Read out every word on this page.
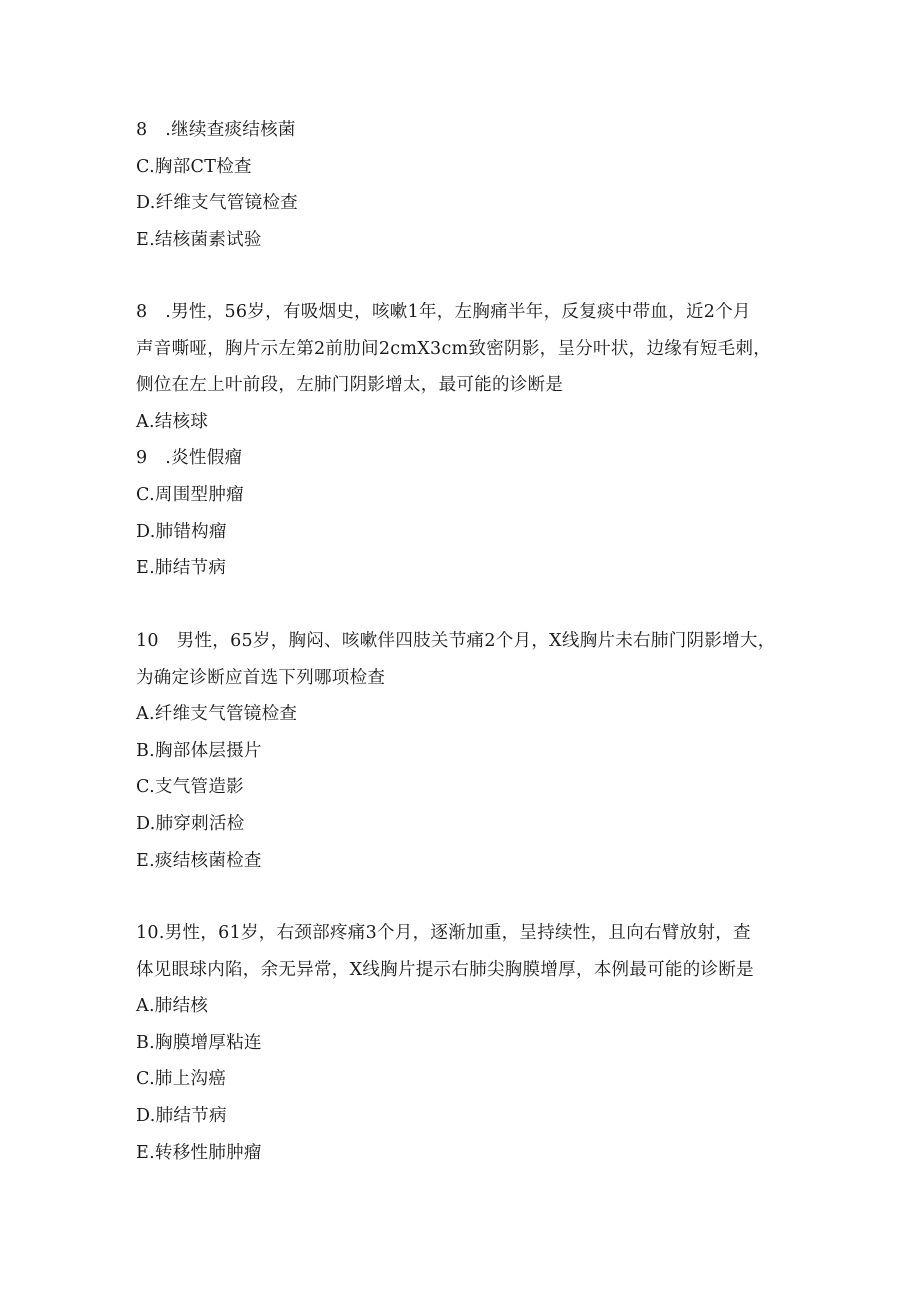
8　.继续查痰结核菌
C.胸部CT检查
D.纤维支气管镜检查
E.结核菌素试验
8　.男性，56岁，有吸烟史，咳嗽1年，左胸痛半年，反复痰中带血，近2个月
声音嘶哑，胸片示左第2前肋间2cmX3cm致密阴影，呈分叶状，边缘有短毛刺，
侧位在左上叶前段，左肺门阴影增太，最可能的诊断是
A.结核球
9　.炎性假瘤
C.周围型肿瘤
D.肺错构瘤
E.肺结节病
10　男性，65岁，胸闷、咳嗽伴四肢关节痛2个月，X线胸片未右肺门阴影增大，
为确定诊断应首选下列哪项检查
A.纤维支气管镜检查
B.胸部体层摄片
C.支气管造影
D.肺穿刺活检
E.痰结核菌检查
10.男性，61岁，右颈部疼痛3个月，逐渐加重，呈持续性，且向右臂放射，查
体见眼球内陷，余无异常，X线胸片提示右肺尖胸膜增厚，本例最可能的诊断是
A.肺结核
B.胸膜增厚粘连
C.肺上沟癌
D.肺结节病
E.转移性肺肿瘤
